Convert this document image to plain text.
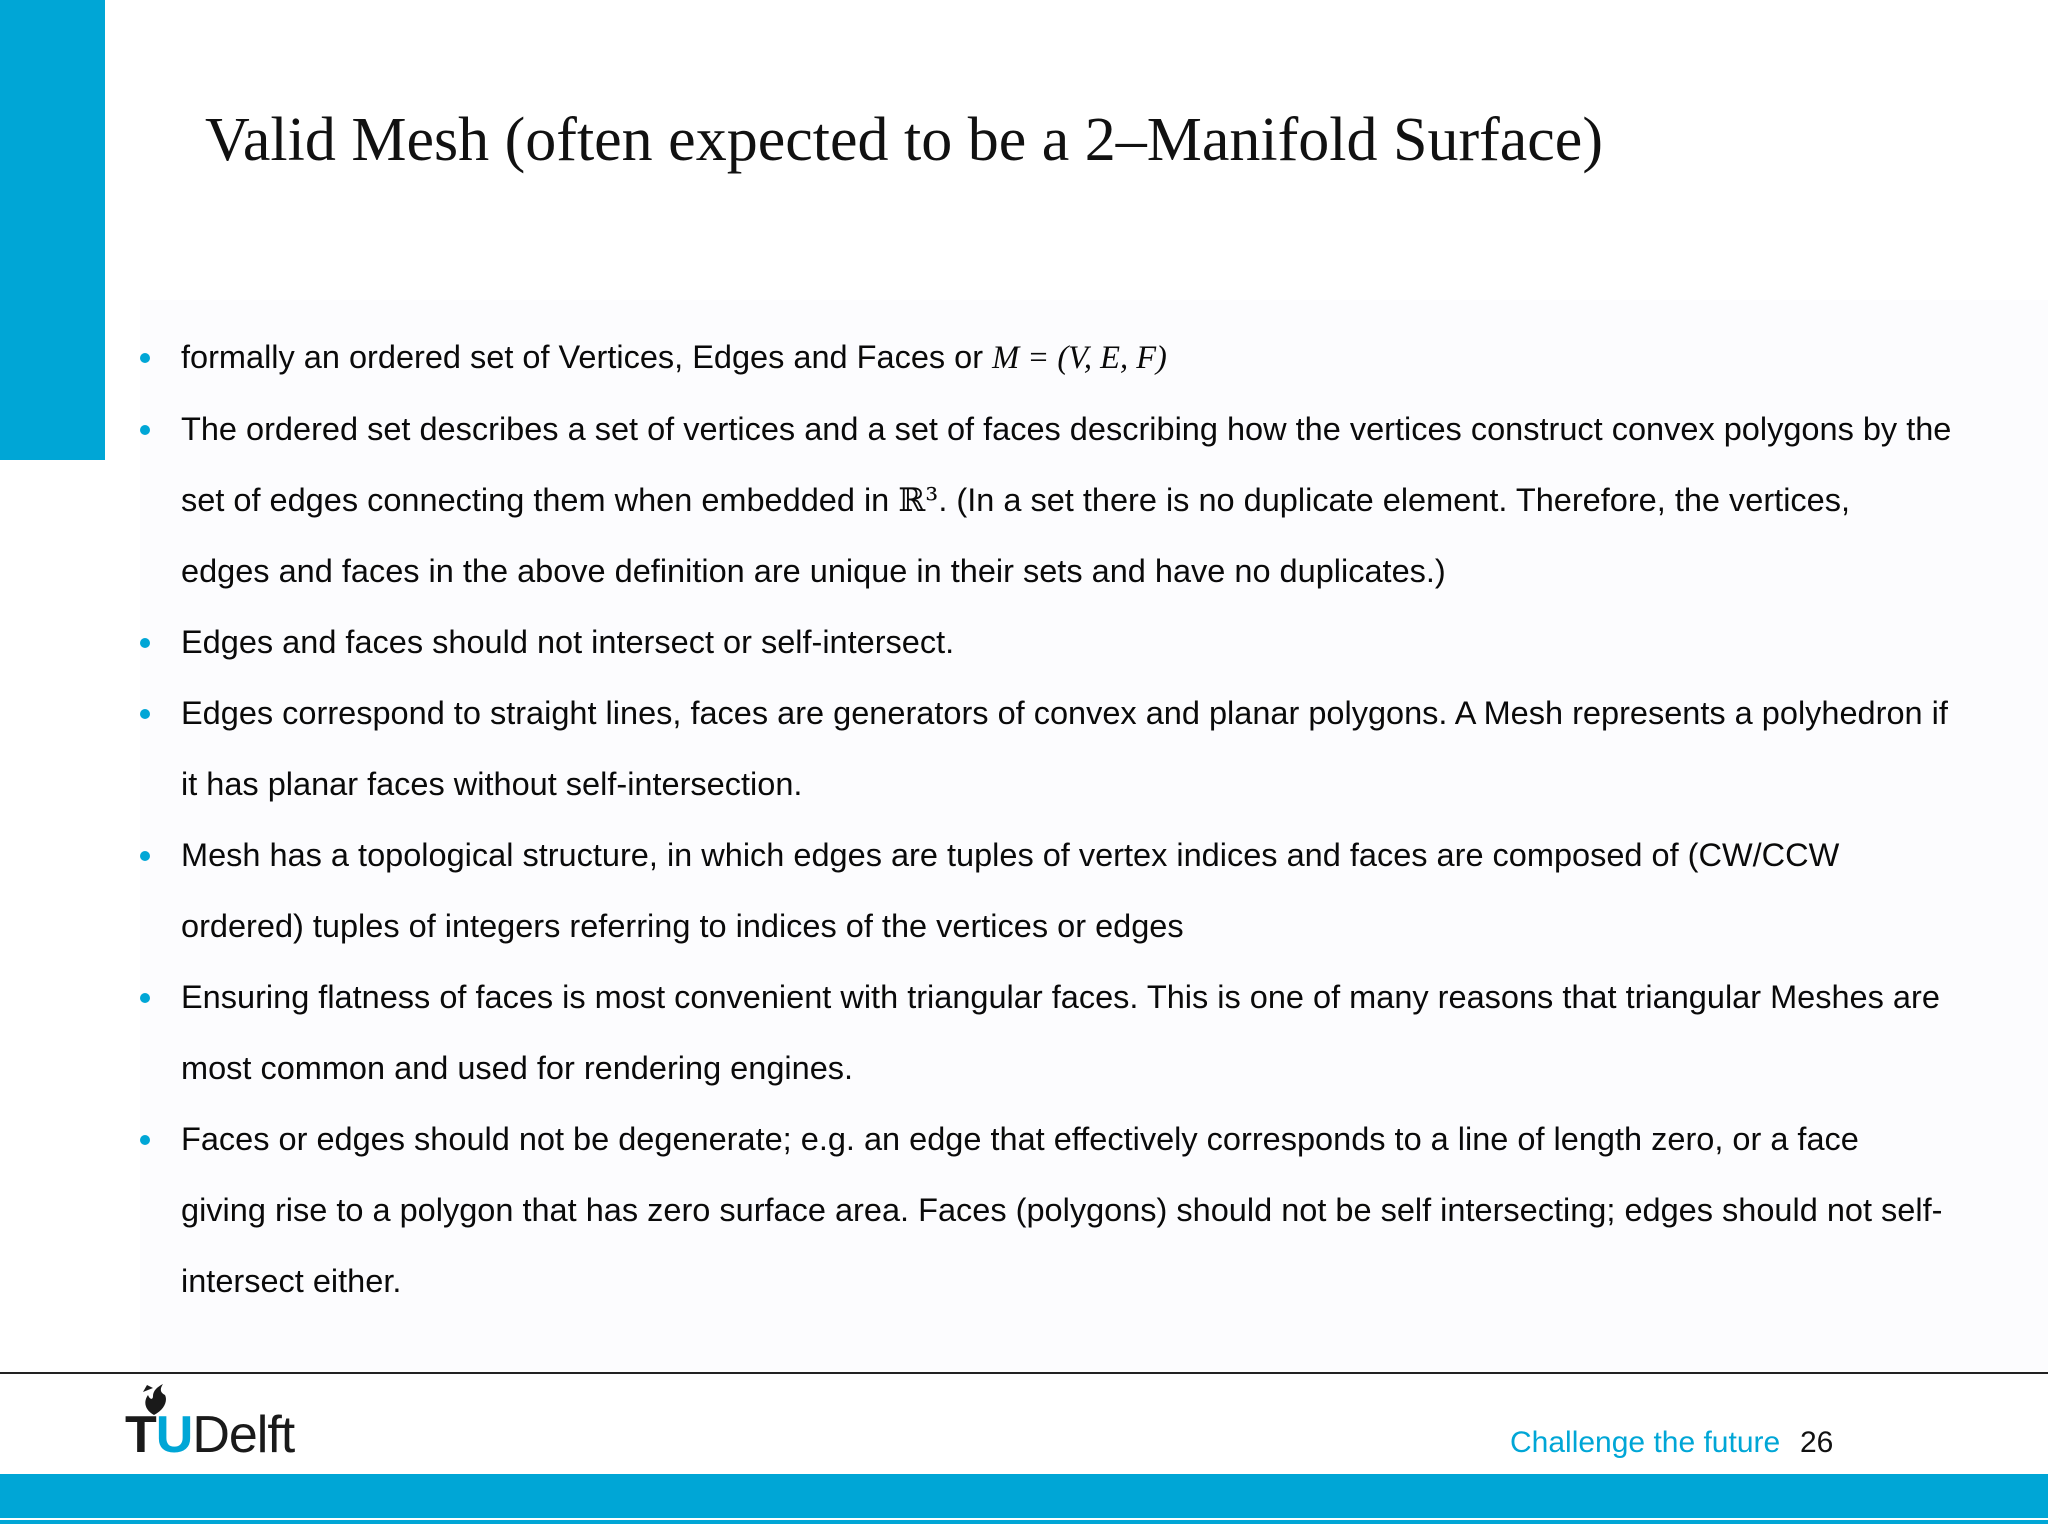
Valid Mesh (often expected to be a 2–Manifold Surface)
formally an ordered set of Vertices, Edges and Faces or M = (V, E, F)
The ordered set describes a set of vertices and a set of faces describing how the vertices construct convex polygons by the
set of edges connecting them when embedded in ℝ³. (In a set there is no duplicate element. Therefore, the vertices,
edges and faces in the above definition are unique in their sets and have no duplicates.)
Edges and faces should not intersect or self-intersect.
Edges correspond to straight lines, faces are generators of convex and planar polygons. A Mesh represents a polyhedron if
it has planar faces without self-intersection.
Mesh has a topological structure, in which edges are tuples of vertex indices and faces are composed of (CW/CCW
ordered) tuples of integers referring to indices of the vertices or edges
Ensuring flatness of faces is most convenient with triangular faces. This is one of many reasons that triangular Meshes are
most common and used for rendering engines.
Faces or edges should not be degenerate; e.g. an edge that effectively corresponds to a line of length zero, or a face
giving rise to a polygon that has zero surface area. Faces (polygons) should not be self intersecting; edges should not self-
intersect either.
TUDelft	Challenge the future 26
